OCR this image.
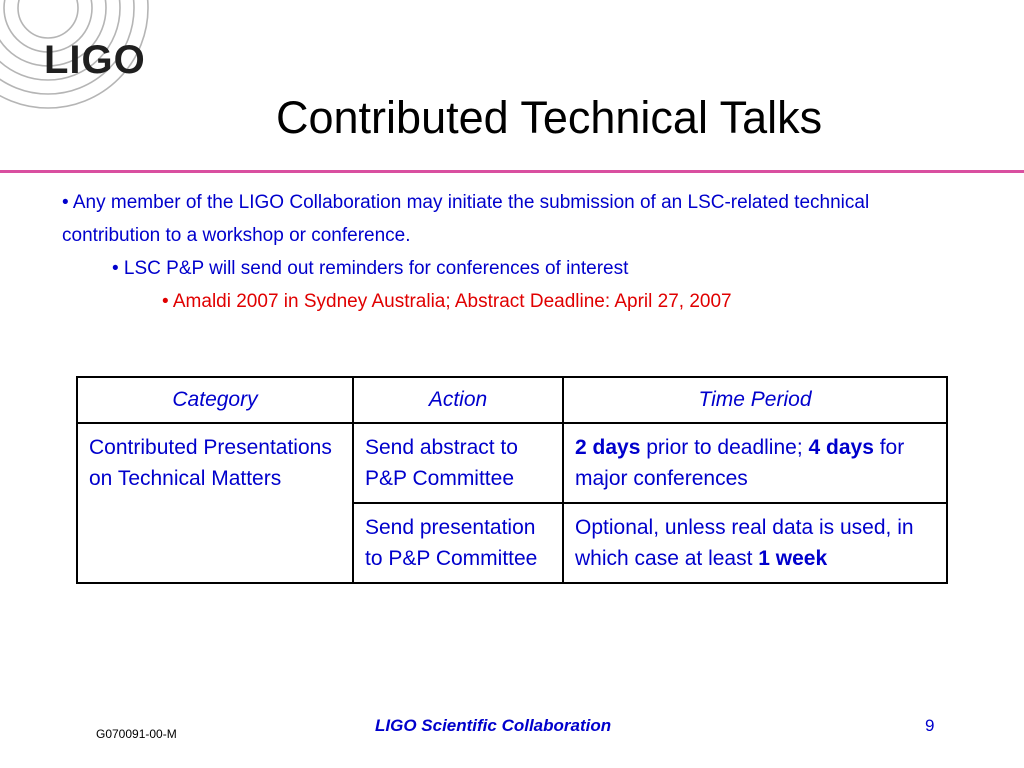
LIGO
Contributed Technical Talks

• Any member of the LIGO Collaboration may initiate the submission of an LSC-related technical contribution to a workshop or conference.

• LSC P&P will send out reminders for conferences of interest

• Amaldi 2007 in Sydney Australia; Abstract Deadline: April 27, 2007

Category	Action	Time Period
Contributed Presentations on Technical Matters	Send abstract to P&P Committee	2 days prior to deadline; 4 days for major conferences
	Send presentation to P&P Committee	Optional, unless real data is used, in which case at least 1 week
G070091-00-M	LIGO Scientific Collaboration	9
